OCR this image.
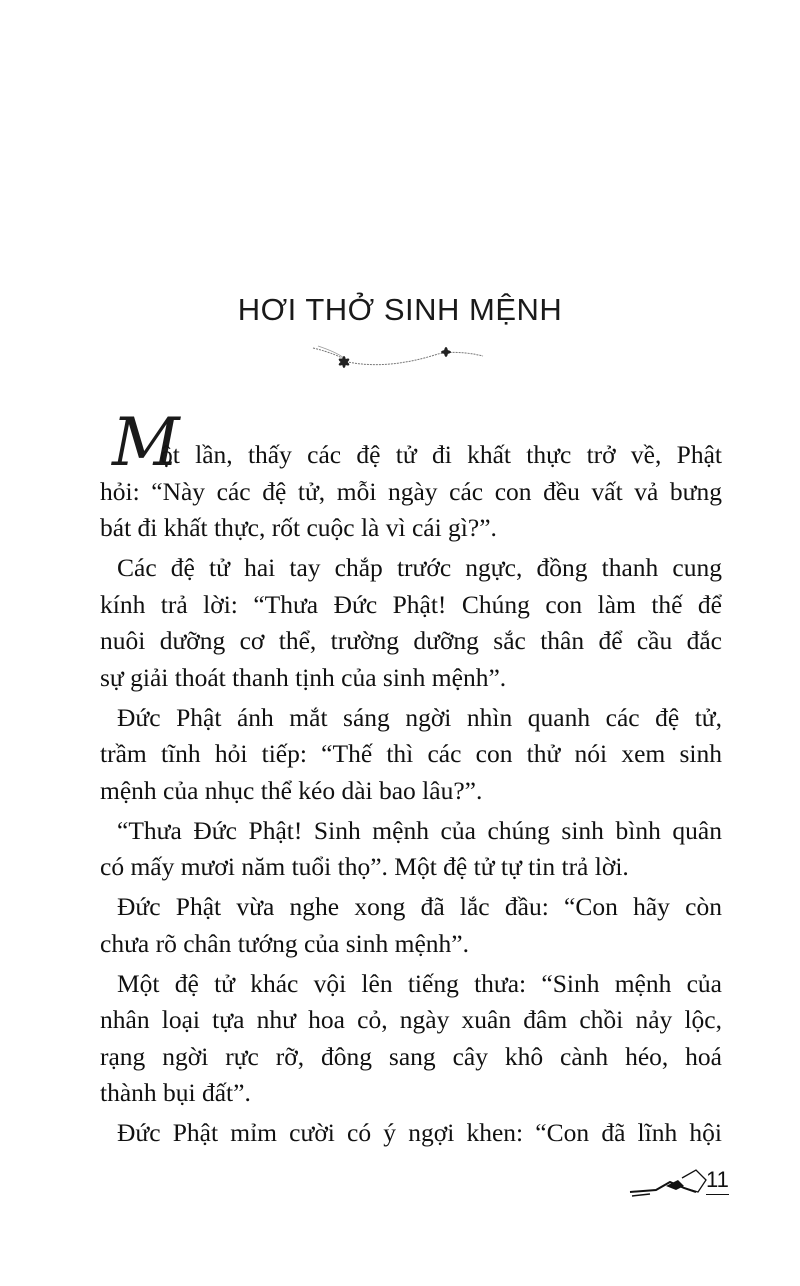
HƠI THỞ SINH MỆNH
M
ột lần, thấy các đệ tử đi khất thực trở về, Phật
hỏi: “Này các đệ tử, mỗi ngày các con đều vất vả bưng
bát đi khất thực, rốt cuộc là vì cái gì?”.
Các đệ tử hai tay chắp trước ngực, đồng thanh cung
kính trả lời: “Thưa Đức Phật! Chúng con làm thế để
nuôi dưỡng cơ thể, trường dưỡng sắc thân để cầu đắc
sự giải thoát thanh tịnh của sinh mệnh”.
Đức Phật ánh mắt sáng ngời nhìn quanh các đệ tử,
trầm tĩnh hỏi tiếp: “Thế thì các con thử nói xem sinh
mệnh của nhục thể kéo dài bao lâu?”.
“Thưa Đức Phật! Sinh mệnh của chúng sinh bình quân
có mấy mươi năm tuổi thọ”. Một đệ tử tự tin trả lời.
Đức Phật vừa nghe xong đã lắc đầu: “Con hãy còn
chưa rõ chân tướng của sinh mệnh”.
Một đệ tử khác vội lên tiếng thưa: “Sinh mệnh của
nhân loại tựa như hoa cỏ, ngày xuân đâm chồi nảy lộc,
rạng ngời rực rỡ, đông sang cây khô cành héo, hoá
thành bụi đất”.
Đức Phật mỉm cười có ý ngợi khen: “Con đã lĩnh hội
11
